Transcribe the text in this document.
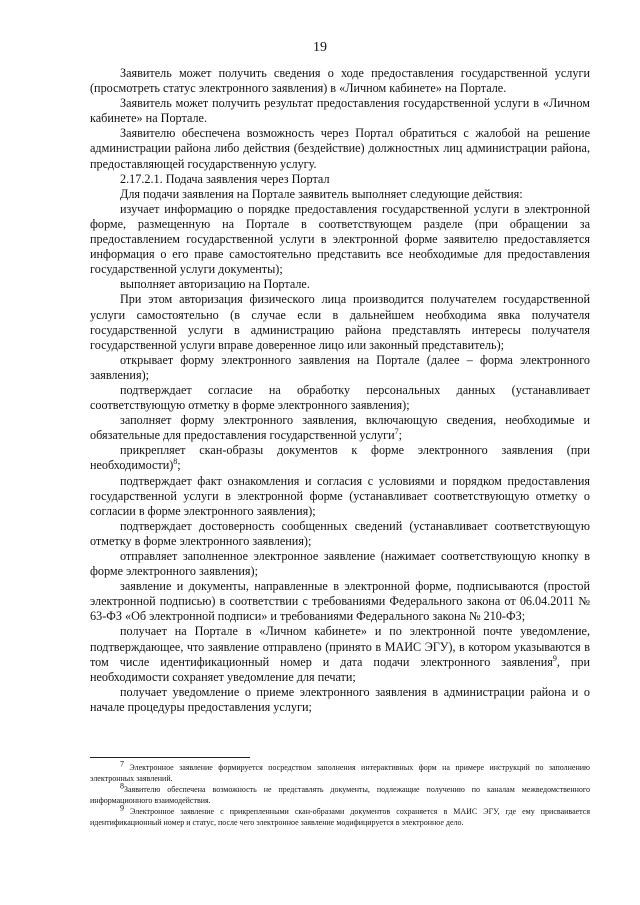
19

Заявитель может получить сведения о ходе предоставления государственной услуги (просмотреть статус электронного заявления) в «Личном кабинете» на Портале.

Заявитель может получить результат предоставления государственной услуги в «Личном кабинете» на Портале.

Заявителю обеспечена возможность через Портал обратиться с жалобой на решение администрации района либо действия (бездействие) должностных лиц администрации района, предоставляющей государственную услугу.

2.17.2.1. Подача заявления через Портал

Для подачи заявления на Портале заявитель выполняет следующие действия:

изучает информацию о порядке предоставления государственной услуги в электронной форме, размещенную на Портале в соответствующем разделе (при обращении за предоставлением государственной услуги в электронной форме заявителю предоставляется информация о его праве самостоятельно представить все необходимые для предоставления государственной услуги документы);

выполняет авторизацию на Портале.

При этом авторизация физического лица производится получателем государственной услуги самостоятельно (в случае если в дальнейшем необходима явка получателя государственной услуги в администрацию района представлять интересы получателя государственной услуги вправе доверенное лицо или законный представитель);

открывает форму электронного заявления на Портале (далее – форма электронного заявления);

подтверждает согласие на обработку персональных данных (устанавливает соответствующую отметку в форме электронного заявления);

заполняет форму электронного заявления, включающую сведения, необходимые и обязательные для предоставления государственной услуги$^7$;

прикрепляет скан-образы документов к форме электронного заявления (при необходимости)$^8$;

подтверждает факт ознакомления и согласия с условиями и порядком предоставления государственной услуги в электронной форме (устанавливает соответствующую отметку о согласии в форме электронного заявления);

подтверждает достоверность сообщенных сведений (устанавливает соответствующую отметку в форме электронного заявления);

отправляет заполненное электронное заявление (нажимает соответствующую кнопку в форме электронного заявления);

заявление и документы, направленные в электронной форме, подписываются (простой электронной подписью) в соответствии с требованиями Федерального закона от 06.04.2011 № 63-ФЗ «Об электронной подписи» и требованиями Федерального закона № 210-ФЗ;

получает на Портале в «Личном кабинете» и по электронной почте уведомление, подтверждающее, что заявление отправлено (принято в МАИС ЭГУ), в котором указываются в том числе идентификационный номер и дата подачи электронного заявления$^9$, при необходимости сохраняет уведомление для печати;

получает уведомление о приеме электронного заявления в администрации района и о начале процедуры предоставления услуги;

$^7$ Электронное заявление формируется посредством заполнения интерактивных форм на примере инструкций по заполнению электронных заявлений.

$^8$Заявителю обеспечена возможность не представлять документы, подлежащие получению по каналам межведомственного информационного взаимодействия.

$^9$ Электронное заявление с прикрепленными скан-образами документов сохраняется в МАИС ЭГУ, где ему присваивается идентификационный номер и статус, после чего электронное заявление модифицируется в электронное дело.
